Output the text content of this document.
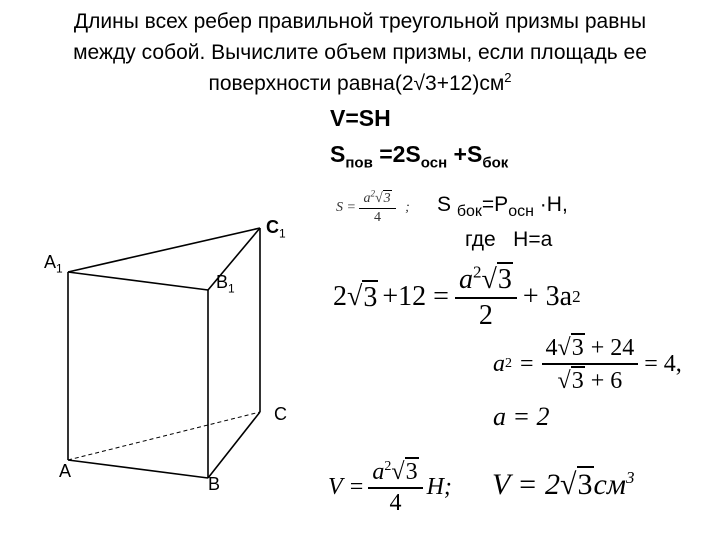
Длины всех ребер правильной треугольной призмы равны
между собой. Вычислите объем призмы, если площадь ее
поверхности $равна(2√3+12)см^2$
V=SH
$S_{пов} =2S_{осн} +S_{бок}$
$S = \frac{a^2√3}{4}$ ; S $_{бок}=P_{осн} \cdot H$,
где   H=a
2 √ $3 +12 = \frac{a^2√3}{2} + 3a$ 2
a $2 = \frac{4√3 + 24}{√3 + 6} = 4$,
a = 2
$V = \frac{a^2√3}{4} H$; $V = 2√3см^3$
$A_1$
$B_1$
$C_1$
A
B
C
